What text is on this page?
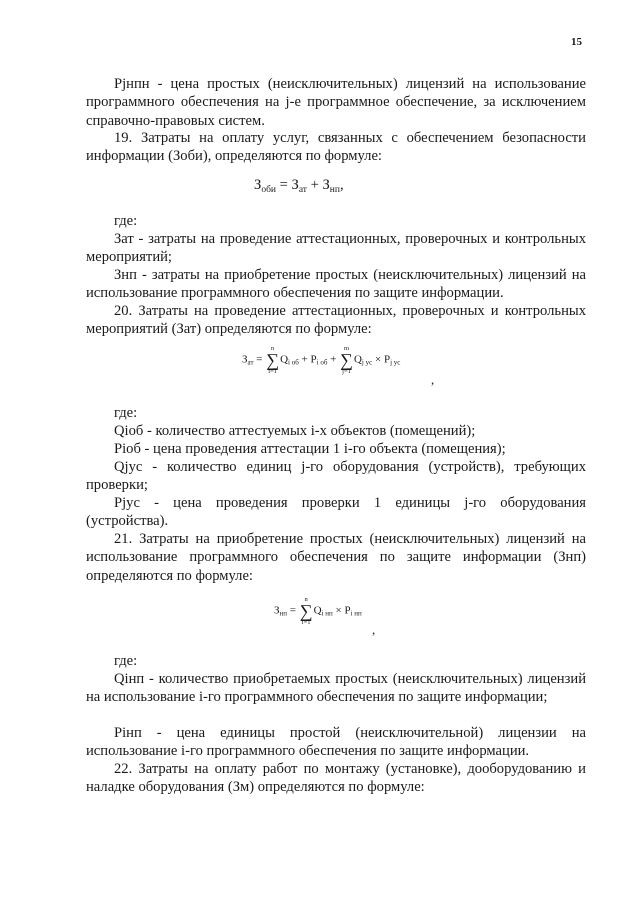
15

Pjнпн - цена простых (неисключительных) лицензий на использование программного обеспечения на j-е программное обеспечение, за исключением справочно-правовых систем.

19. Затраты на оплату услуг, связанных с обеспечением безопасности информации (Зоби), определяются по формуле:

$З_{оби} = З_{ат} + З_{нп}$,

где:

Зат - затраты на проведение аттестационных, проверочных и контрольных мероприятий;

Знп - затраты на приобретение простых (неисключительных) лицензий на использование программного обеспечения по защите информации.

20. Затраты на проведение аттестационных, проверочных и контрольных мероприятий (Зат) определяются по формуле:

$З_{ат}$ =
n
∑
i=1
$Q_{i об} + P_{i об}$ +
m
∑
j=1
$Q_{j ус} \times P_{j ус}$
,

где:

Qioб - количество аттестуемых i-х объектов (помещений);

Pioб - цена проведения аттестации 1 i-го объекта (помещения);

Qjус - количество единиц j-го оборудования (устройств), требующих проверки;

Pjус - цена проведения проверки 1 единицы j-го оборудования (устройства).

21. Затраты на приобретение простых (неисключительных) лицензий на использование программного обеспечения по защите информации (Знп) определяются по формуле:

$З_{нп}$ =
n
∑
i=1
$Q_{i нп} \times P_{i нп}$
,

где:

Qiнп - количество приобретаемых простых (неисключительных) лицензий на использование i-го программного обеспечения по защите информации;

Piнп - цена единицы простой (неисключительной) лицензии на использование i-го программного обеспечения по защите информации.

22. Затраты на оплату работ по монтажу (установке), дооборудованию и наладке оборудования (Зм) определяются по формуле:
